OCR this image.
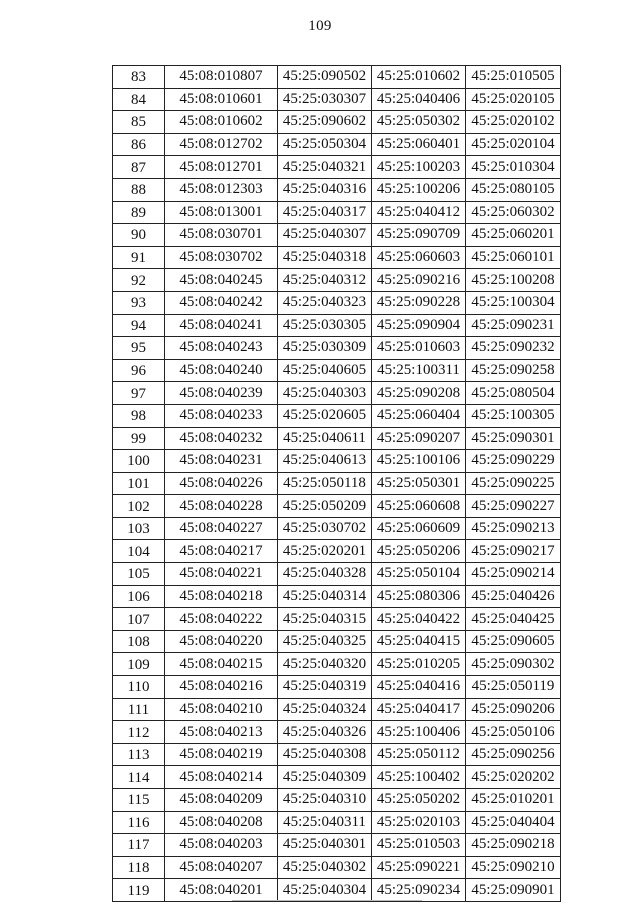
109
83	45:08:010807	45:25:090502	45:25:010602	45:25:010505
84	45:08:010601	45:25:030307	45:25:040406	45:25:020105
85	45:08:010602	45:25:090602	45:25:050302	45:25:020102
86	45:08:012702	45:25:050304	45:25:060401	45:25:020104
87	45:08:012701	45:25:040321	45:25:100203	45:25:010304
88	45:08:012303	45:25:040316	45:25:100206	45:25:080105
89	45:08:013001	45:25:040317	45:25:040412	45:25:060302
90	45:08:030701	45:25:040307	45:25:090709	45:25:060201
91	45:08:030702	45:25:040318	45:25:060603	45:25:060101
92	45:08:040245	45:25:040312	45:25:090216	45:25:100208
93	45:08:040242	45:25:040323	45:25:090228	45:25:100304
94	45:08:040241	45:25:030305	45:25:090904	45:25:090231
95	45:08:040243	45:25:030309	45:25:010603	45:25:090232
96	45:08:040240	45:25:040605	45:25:100311	45:25:090258
97	45:08:040239	45:25:040303	45:25:090208	45:25:080504
98	45:08:040233	45:25:020605	45:25:060404	45:25:100305
99	45:08:040232	45:25:040611	45:25:090207	45:25:090301
100	45:08:040231	45:25:040613	45:25:100106	45:25:090229
101	45:08:040226	45:25:050118	45:25:050301	45:25:090225
102	45:08:040228	45:25:050209	45:25:060608	45:25:090227
103	45:08:040227	45:25:030702	45:25:060609	45:25:090213
104	45:08:040217	45:25:020201	45:25:050206	45:25:090217
105	45:08:040221	45:25:040328	45:25:050104	45:25:090214
106	45:08:040218	45:25:040314	45:25:080306	45:25:040426
107	45:08:040222	45:25:040315	45:25:040422	45:25:040425
108	45:08:040220	45:25:040325	45:25:040415	45:25:090605
109	45:08:040215	45:25:040320	45:25:010205	45:25:090302
110	45:08:040216	45:25:040319	45:25:040416	45:25:050119
111	45:08:040210	45:25:040324	45:25:040417	45:25:090206
112	45:08:040213	45:25:040326	45:25:100406	45:25:050106
113	45:08:040219	45:25:040308	45:25:050112	45:25:090256
114	45:08:040214	45:25:040309	45:25:100402	45:25:020202
115	45:08:040209	45:25:040310	45:25:050202	45:25:010201
116	45:08:040208	45:25:040311	45:25:020103	45:25:040404
117	45:08:040203	45:25:040301	45:25:010503	45:25:090218
118	45:08:040207	45:25:040302	45:25:090221	45:25:090210
119	45:08:040201	45:25:040304	45:25:090234	45:25:090901
